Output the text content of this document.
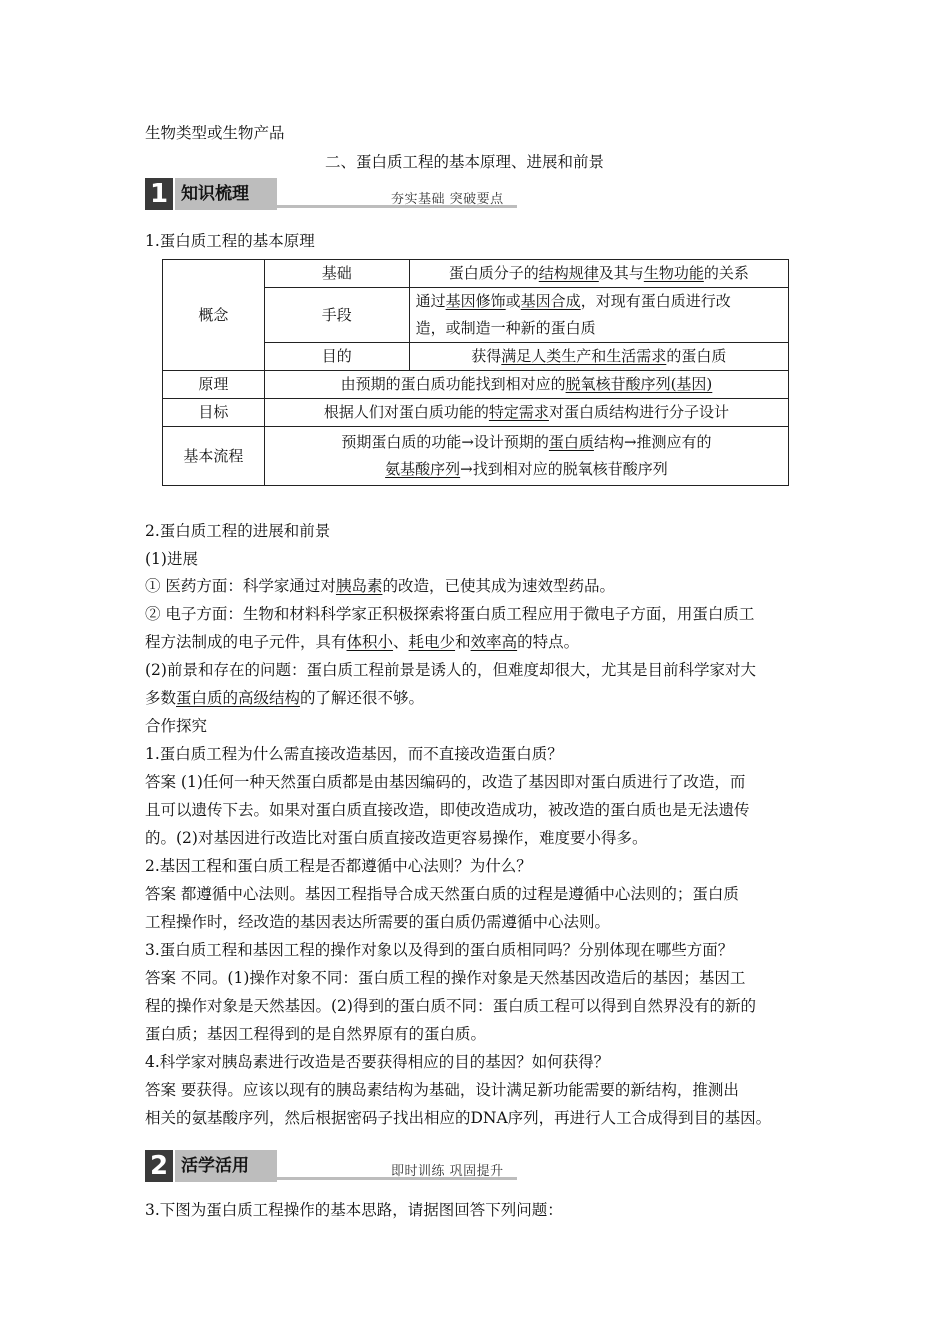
生物类型或生物产品
二、蛋白质工程的基本原理、进展和前景
1 知识梳理	夯实基础 突破要点
1.蛋白质工程的基本原理
概念	基础	蛋白质分子的结构规律及其与生物功能的关系
	手段	通过基因修饰或基因合成，对现有蛋白质进行改
造，或制造一种新的蛋白质
	目的	获得满足人类生产和生活需求的蛋白质
原理	由预期的蛋白质功能找到相对应的脱氧核苷酸序列(基因)	
目标	根据人们对蛋白质功能的特定需求对蛋白质结构进行分子设计	
基本流程	预期蛋白质的功能→设计预期的蛋白质结构→推测应有的
氨基酸序列→找到相对应的脱氧核苷酸序列	
2.蛋白质工程的进展和前景
(1)进展
① 医药方面：科学家通过对胰岛素的改造，已使其成为速效型药品。
② 电子方面：生物和材料科学家正积极探索将蛋白质工程应用于微电子方面，用蛋白质工
程方法制成的电子元件，具有体积小、耗电少和效率高的特点。
(2)前景和存在的问题：蛋白质工程前景是诱人的，但难度却很大，尤其是目前科学家对大
多数蛋白质的高级结构的了解还很不够。
合作探究
1.蛋白质工程为什么需直接改造基因，而不直接改造蛋白质？
答案 (1)任何一种天然蛋白质都是由基因编码的，改造了基因即对蛋白质进行了改造，而
且可以遗传下去。如果对蛋白质直接改造，即使改造成功，被改造的蛋白质也是无法遗传
的。(2)对基因进行改造比对蛋白质直接改造更容易操作，难度要小得多。
2.基因工程和蛋白质工程是否都遵循中心法则？为什么？
答案 都遵循中心法则。基因工程指导合成天然蛋白质的过程是遵循中心法则的；蛋白质
工程操作时，经改造的基因表达所需要的蛋白质仍需遵循中心法则。
3.蛋白质工程和基因工程的操作对象以及得到的蛋白质相同吗？分别体现在哪些方面？
答案 不同。(1)操作对象不同：蛋白质工程的操作对象是天然基因改造后的基因；基因工
程的操作对象是天然基因。(2)得到的蛋白质不同：蛋白质工程可以得到自然界没有的新的
蛋白质；基因工程得到的是自然界原有的蛋白质。
4.科学家对胰岛素进行改造是否要获得相应的目的基因？如何获得？
答案 要获得。应该以现有的胰岛素结构为基础，设计满足新功能需要的新结构，推测出
相关的氨基酸序列，然后根据密码子找出相应的DNA序列，再进行人工合成得到目的基因。
2 活学活用	即时训练 巩固提升
3.下图为蛋白质工程操作的基本思路，请据图回答下列问题：
